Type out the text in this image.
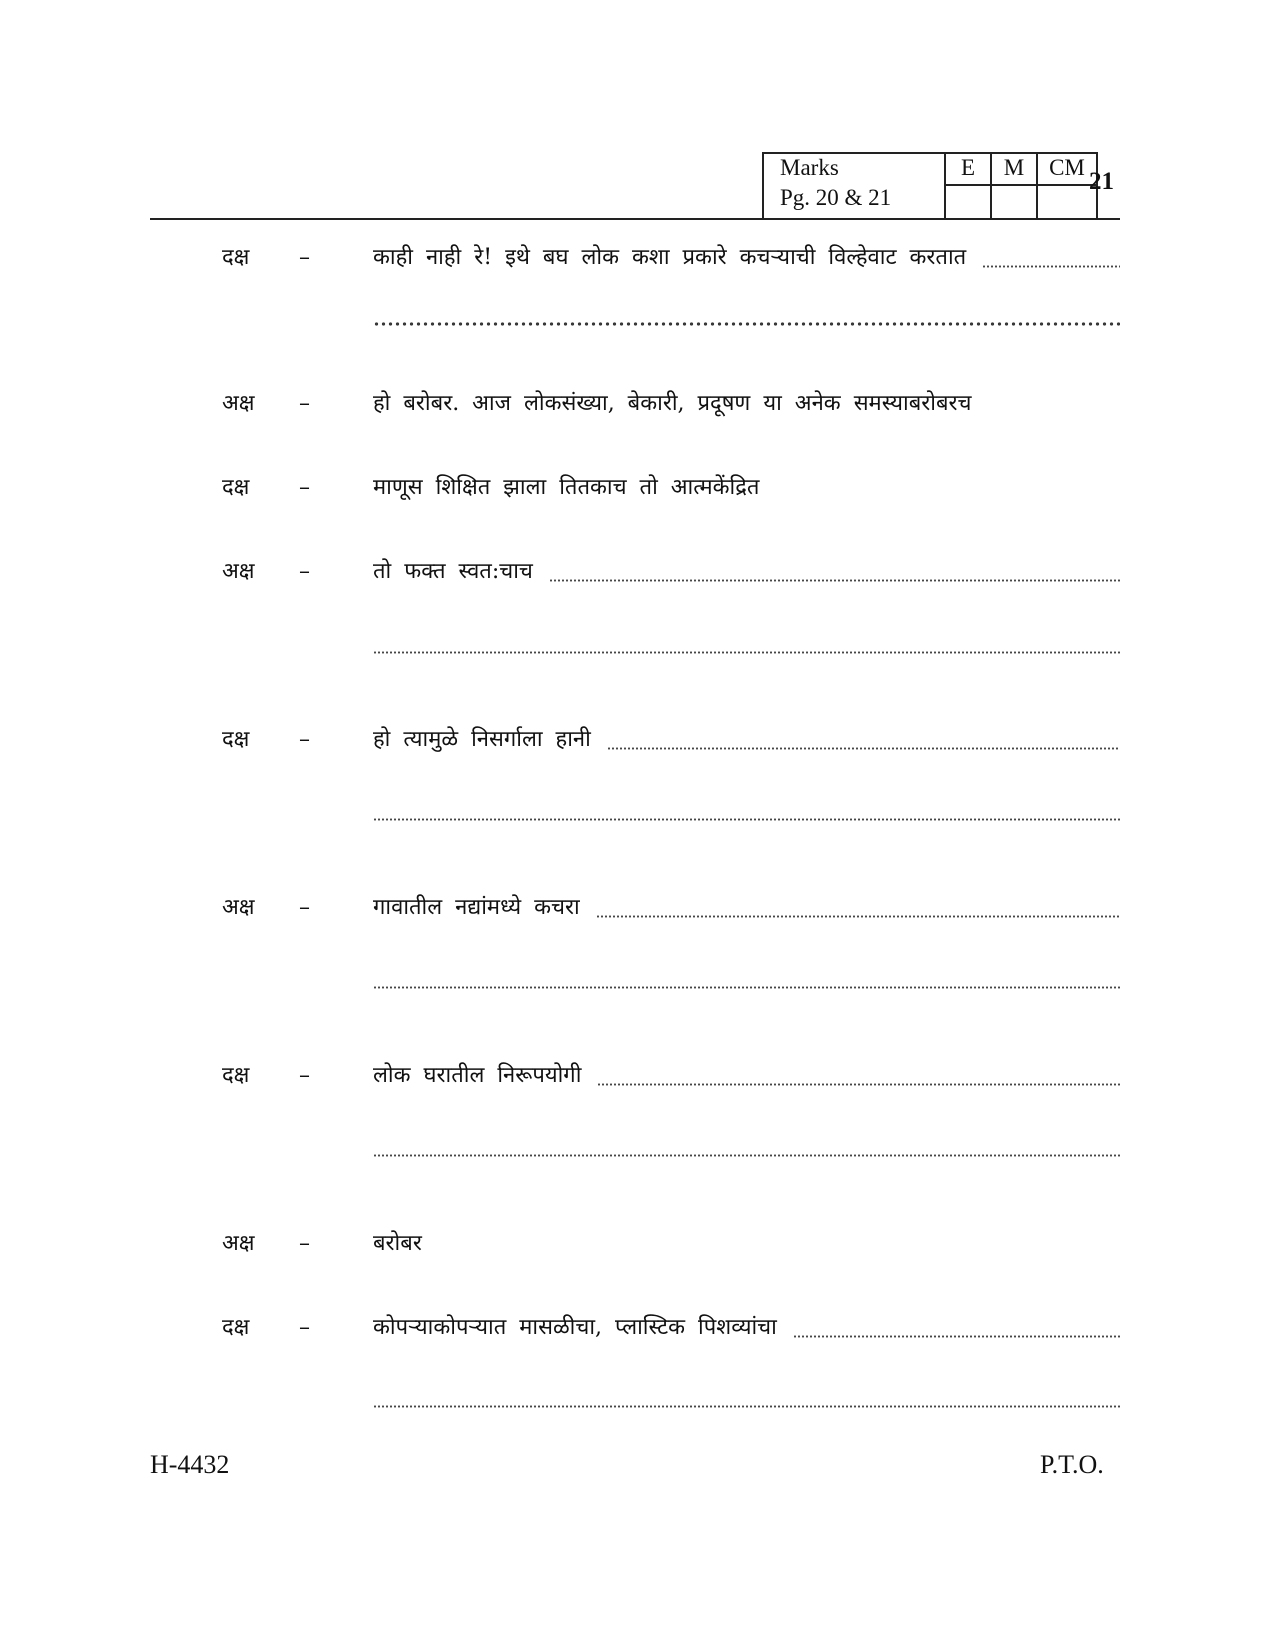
Marks
Pg. 20 & 21	E	M	CM

21
दक्ष –	काही नाही रे! इथे बघ लोक कशा प्रकारे कचऱ्याची विल्हेवाट करतात
अक्ष –	हो बरोबर. आज लोकसंख्या, बेकारी, प्रदूषण या अनेक समस्याबरोबरच
दक्ष –	माणूस शिक्षित झाला तितकाच तो आत्मकेंद्रित
अक्ष –	तो फक्त स्वत:चाच
दक्ष –	हो त्यामुळे निसर्गाला हानी
अक्ष –	गावातील नद्यांमध्ये कचरा
दक्ष –	लोक घरातील निरूपयोगी
अक्ष –	बरोबर
दक्ष –	कोपऱ्याकोपऱ्यात मासळीचा, प्लास्टिक पिशव्यांचा
H-4432	P.T.O.
